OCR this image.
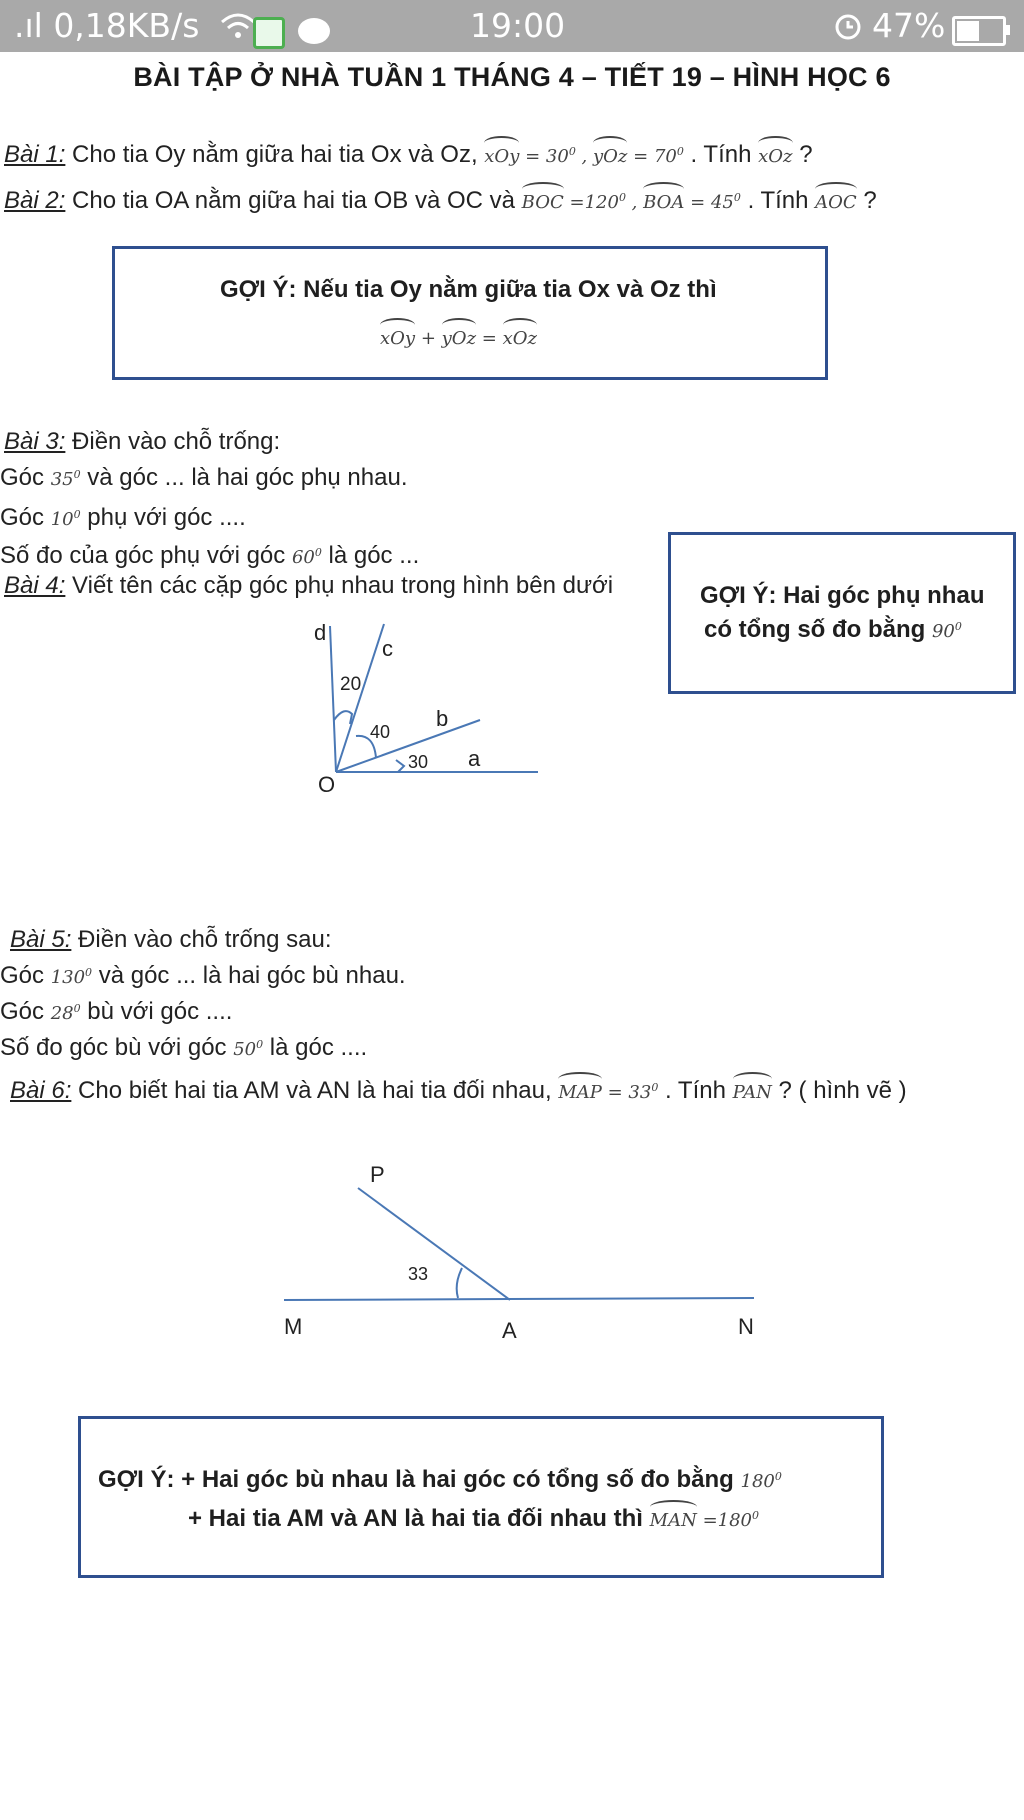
.ıl 0,18KB/s	19:00	47%
BÀI TẬP Ở NHÀ TUẦN 1 THÁNG 4 – TIẾT 19 – HÌNH HỌC 6
Bài 1: Cho tia Oy nằm giữa hai tia Ox và Oz, xOy = $30^0$ , yOz = $70^0$ . Tính xOz ?
Bài 2: Cho tia OA nằm giữa hai tia OB và OC và BOC $=120^0$ , BOA = $45^0$ . Tính AOC ?
GỢI Ý: Nếu tia Oy nằm giữa tia Ox và Oz thì
xOy + yOz = xOz
Bài 3: Điền vào chỗ trống:
Góc $35^0$ và góc ... là hai góc phụ nhau.
Góc $10^0$ phụ với góc ....
Số đo của góc phụ với góc $60^0$ là góc ...
Bài 4: Viết tên các cặp góc phụ nhau trong hình bên dưới	GỢI Ý: Hai góc phụ nhau
có tổng số đo bằng $90^0$
d
c
b
a
O
20
40
30
Bài 5: Điền vào chỗ trống sau:
Góc $130^0$ và góc ... là hai góc bù nhau.
Góc $28^0$ bù với góc ....
Số đo góc bù với góc $50^0$ là góc ....
Bài 6: Cho biết hai tia AM và AN là hai tia đối nhau, MAP = $33^0$ . Tính PAN ? ( hình vẽ )
P
M	A	N
33
GỢI Ý: + Hai góc bù nhau là hai góc có tổng số đo bằng $180^0$
+ Hai tia AM và AN là hai tia đối nhau thì MAN $=180^0$
